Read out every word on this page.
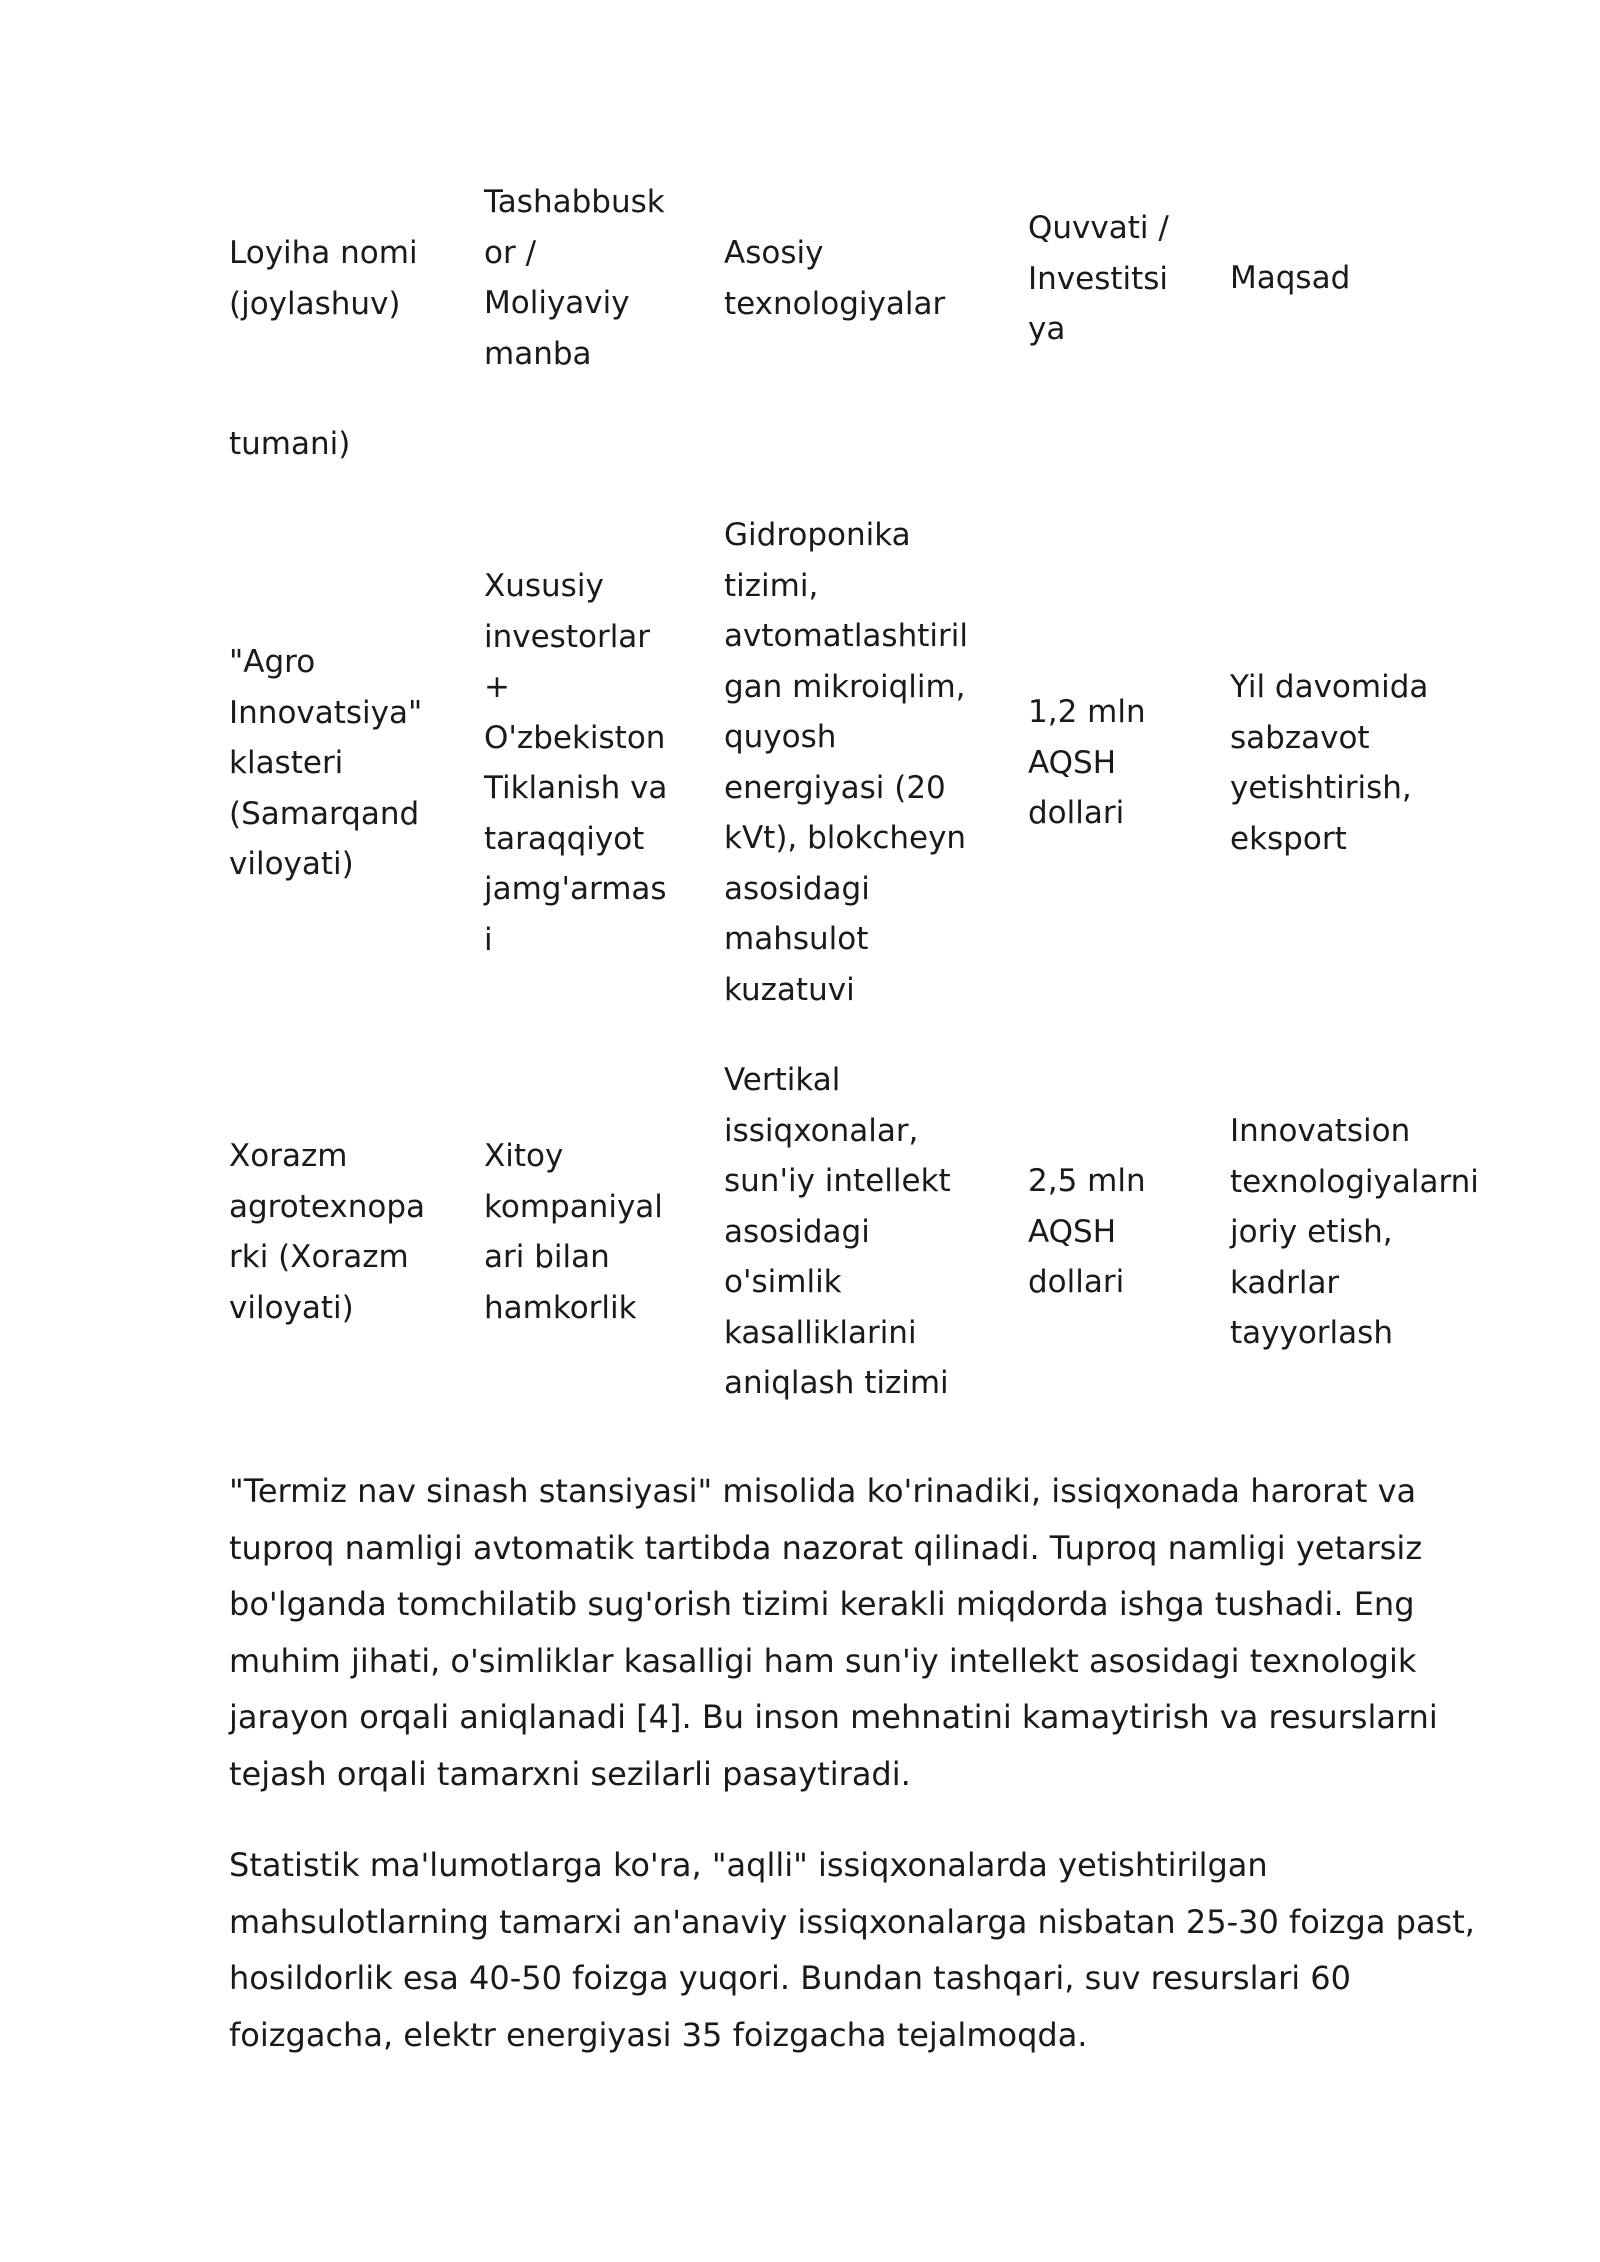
Loyiha nomi
(joylashuv)
Tashabbusk
or /
Moliyaviy
manba
Asosiy
texnologiyalar
Quvvati /
Investitsi
ya
Maqsad
tumani)
"Agro
Innovatsiya"
klasteri
(Samarqand
viloyati)
Xususiy
investorlar
+
O'zbekiston
Tiklanish va
taraqqiyot
jamg'armas
i
Gidroponika
tizimi,
avtomatlashtiril
gan mikroiqlim,
quyosh
energiyasi (20
kVt), blokcheyn
asosidagi
mahsulot
kuzatuvi
1,2 mln
AQSH
dollari
Yil davomida
sabzavot
yetishtirish,
eksport
Xorazm
agrotexnopa
rki (Xorazm
viloyati)
Xitoy
kompaniyal
ari bilan
hamkorlik
Vertikal
issiqxonalar,
sun'iy intellekt
asosidagi
o'simlik
kasalliklarini
aniqlash tizimi
2,5 mln
AQSH
dollari
Innovatsion
texnologiyalarni
joriy etish,
kadrlar
tayyorlash

"Termiz nav sinash stansiyasi" misolida ko'rinadiki, issiqxonada harorat va tuproq namligi avtomatik tartibda nazorat qilinadi. Tuproq namligi yetarsiz bo'lganda tomchilatib sug'orish tizimi kerakli miqdorda ishga tushadi. Eng muhim jihati, o'simliklar kasalligi ham sun'iy intellekt asosidagi texnologik jarayon orqali aniqlanadi [4]. Bu inson mehnatini kamaytirish va resurslarni tejash orqali tamarxni sezilarli pasaytiradi.

Statistik ma'lumotlarga ko'ra, "aqlli" issiqxonalarda yetishtirilgan mahsulotlarning tamarxi an'anaviy issiqxonalarga nisbatan 25-30 foizga past, hosildorlik esa 40-50 foizga yuqori. Bundan tashqari, suv resurslari 60 foizgacha, elektr energiyasi 35 foizgacha tejalmoqda.
